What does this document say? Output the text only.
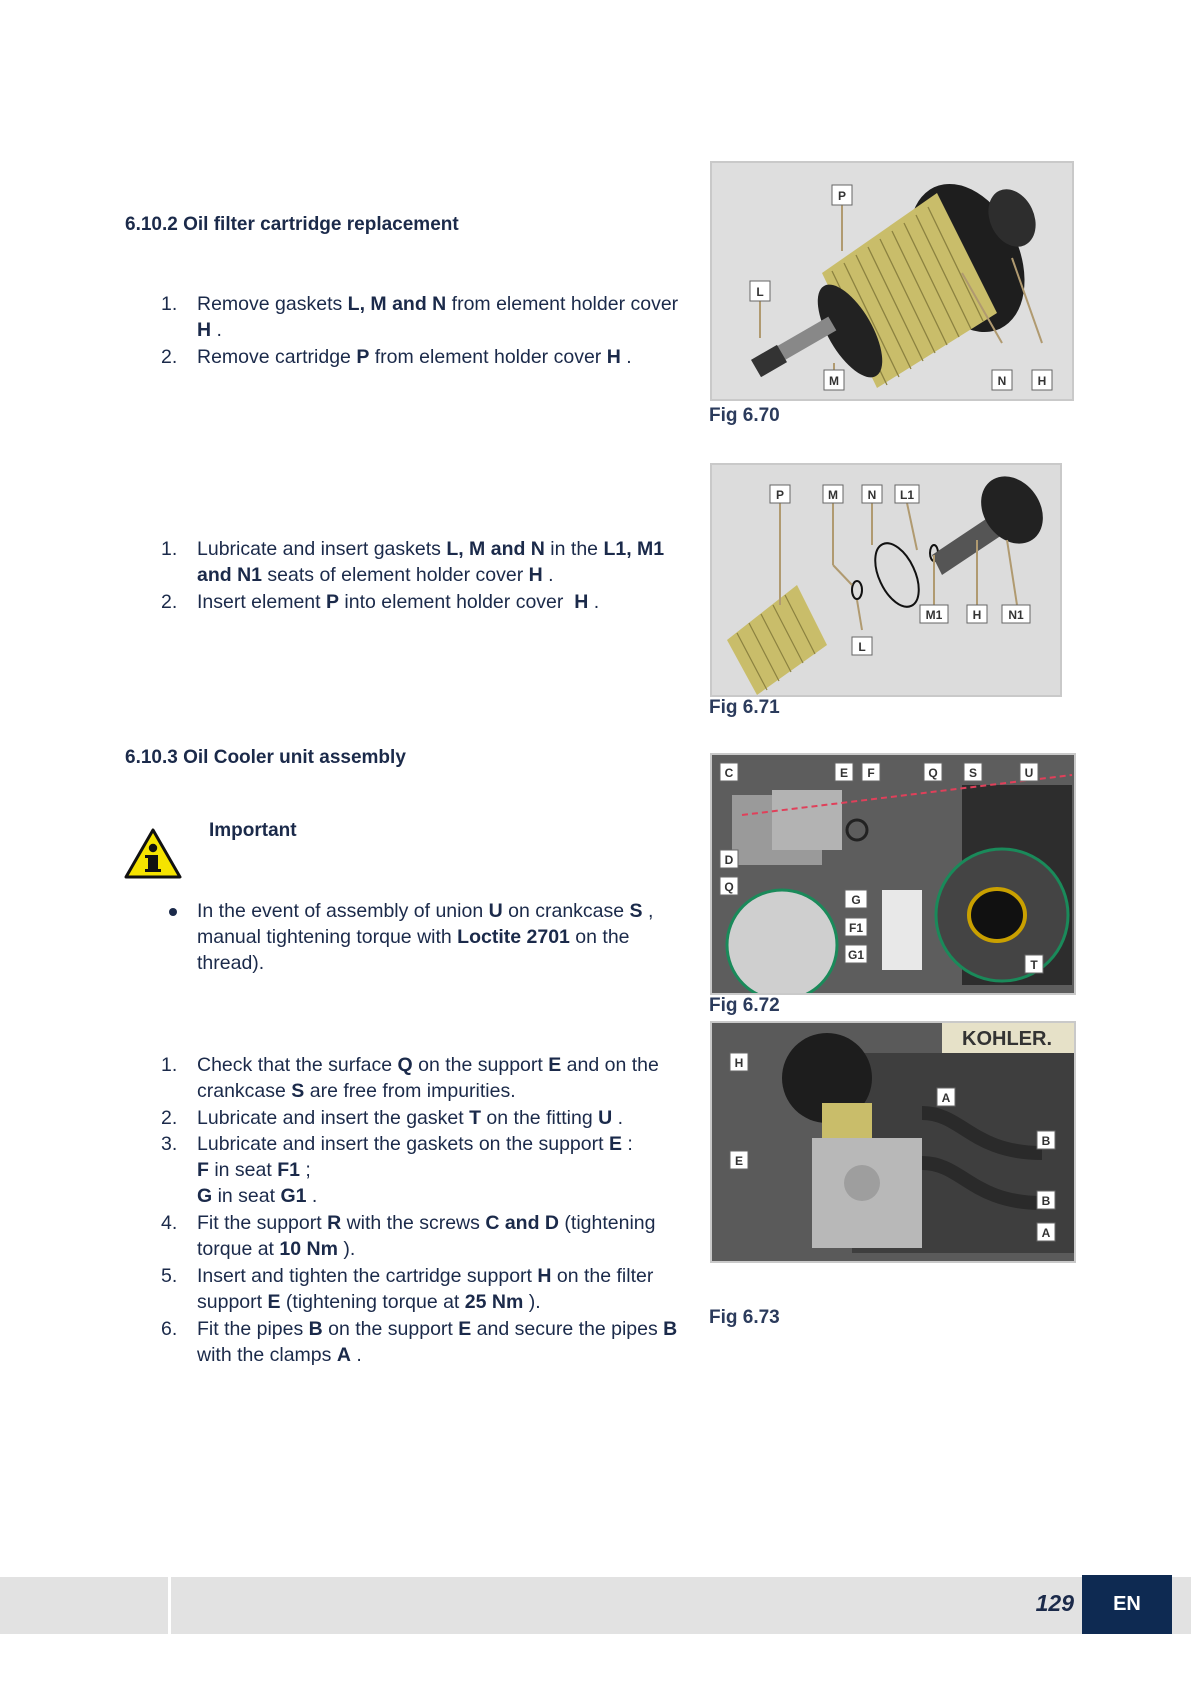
6.10.2 Oil filter cartridge replacement
1. Remove gaskets L, M and N from element holder cover H .
2. Remove cartridge P from element holder cover H .
1. Lubricate and insert gaskets L, M and N in the L1, M1 and N1 seats of element holder cover H .
2. Insert element P into element holder cover  H .
6.10.3 Oil Cooler unit assembly
Important
In the event of assembly of union U on crankcase S , manual tightening torque with Loctite 2701 on the thread).
1. Check that the surface Q on the support E and on the crankcase S are free from impurities.
2. Lubricate and insert the gasket T on the fitting U .
3. Lubricate and insert the gaskets on the support E :
F in seat F1 ;
G in seat G1 .
4. Fit the support R with the screws C and D (tightening torque at 10 Nm ).
5. Insert and tighten the cartridge support H on the filter support E (tightening torque at 25 Nm ).
6. Fit the pipes B on the support E and secure the pipes B with the clamps A .
P
L
M	N	H
Fig 6.70
P	M N L1
M1	H N1
L
Fig 6.71
C	E F	Q	S	U
D
Q
G
F1
G1
T
Fig 6.72
KOHLER.
H
A
E
B
B
A
Fig 6.73
129	EN
